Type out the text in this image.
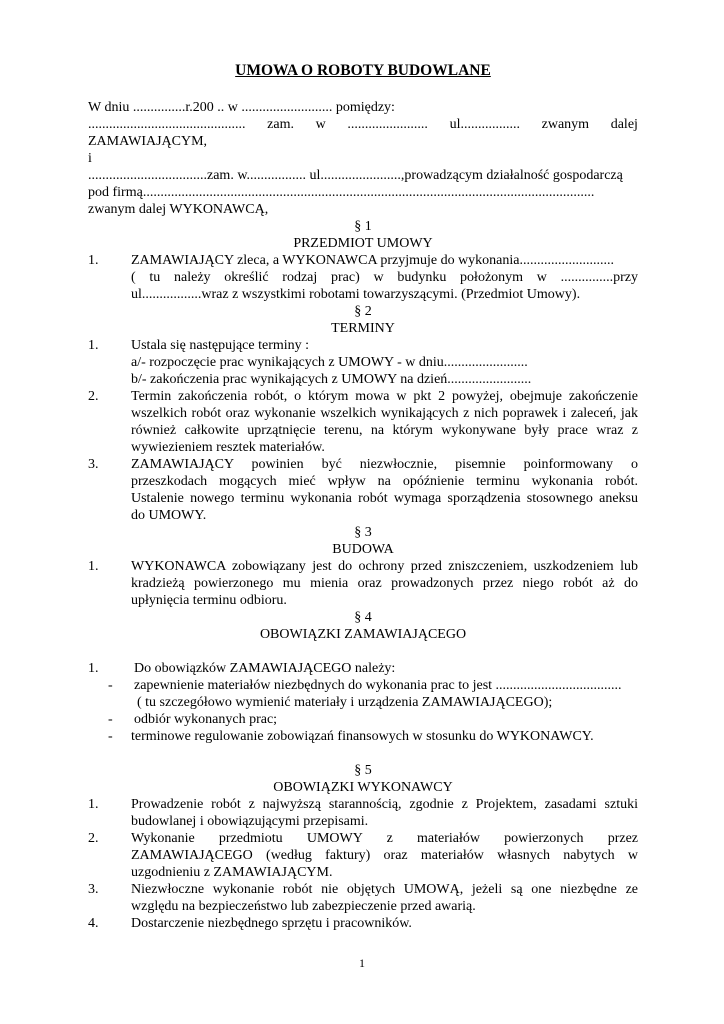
UMOWA O ROBOTY BUDOWLANE
W dniu ...............r.200 .. w .......................... pomiędzy:
............................................. zam. w ....................... ul................. zwanym dalej
ZAMAWIAJĄCYM,
i
..................................zam. w................. ul.......................,prowadzącym działalność gospodarczą
pod firmą.................................................................................................................................
zwanym dalej WYKONAWCĄ,
§ 1
PRZEDMIOT UMOWY
1. ZAMAWIAJĄCY zleca, a WYKONAWCA przyjmuje do wykonania...........................
( tu należy określić rodzaj prac) w budynku położonym w ...............przy
ul.................wraz z wszystkimi robotami towarzyszącymi. (Przedmiot Umowy).
§ 2
TERMINY
1. Ustala się następujące terminy :
a/- rozpoczęcie prac wynikających z UMOWY - w dniu........................
b/- zakończenia prac wynikających z UMOWY na dzień........................
2. Termin zakończenia robót, o którym mowa w pkt 2 powyżej, obejmuje zakończenie
wszelkich robót oraz wykonanie wszelkich wynikających z nich poprawek i zaleceń, jak
również całkowite uprzątnięcie terenu, na którym wykonywane były prace wraz z
wywiezieniem resztek materiałów.
3. ZAMAWIAJĄCY powinien być niezwłocznie, pisemnie poinformowany o
przeszkodach mogących mieć wpływ na opóźnienie terminu wykonania robót.
Ustalenie nowego terminu wykonania robót wymaga sporządzenia stosownego aneksu
do UMOWY.
§ 3
BUDOWA
1. WYKONAWCA zobowiązany jest do ochrony przed zniszczeniem, uszkodzeniem lub
kradzieżą powierzonego mu mienia oraz prowadzonych przez niego robót aż do
upłynięcia terminu odbioru.
§ 4
OBOWIĄZKI ZAMAWIAJĄCEGO
1.	Do obowiązków ZAMAWIAJĄCEGO należy:
- zapewnienie materiałów niezbędnych do wykonania prac to jest ....................................
( tu szczegółowo wymienić materiały i urządzenia ZAMAWIAJĄCEGO);
- odbiór wykonanych prac;
- terminowe regulowanie zobowiązań finansowych w stosunku do WYKONAWCY.
§ 5
OBOWIĄZKI WYKONAWCY
1. Prowadzenie robót z najwyższą starannością, zgodnie z Projektem, zasadami sztuki
budowlanej i obowiązującymi przepisami.
2. Wykonanie przedmiotu UMOWY z materiałów powierzonych przez
ZAMAWIAJĄCEGO (według faktury) oraz materiałów własnych nabytych w
uzgodnieniu z ZAMAWIAJĄCYM.
3. Niezwłoczne wykonanie robót nie objętych UMOWĄ, jeżeli są one niezbędne ze
względu na bezpieczeństwo lub zabezpieczenie przed awarią.
4. Dostarczenie niezbędnego sprzętu i pracowników.
1
